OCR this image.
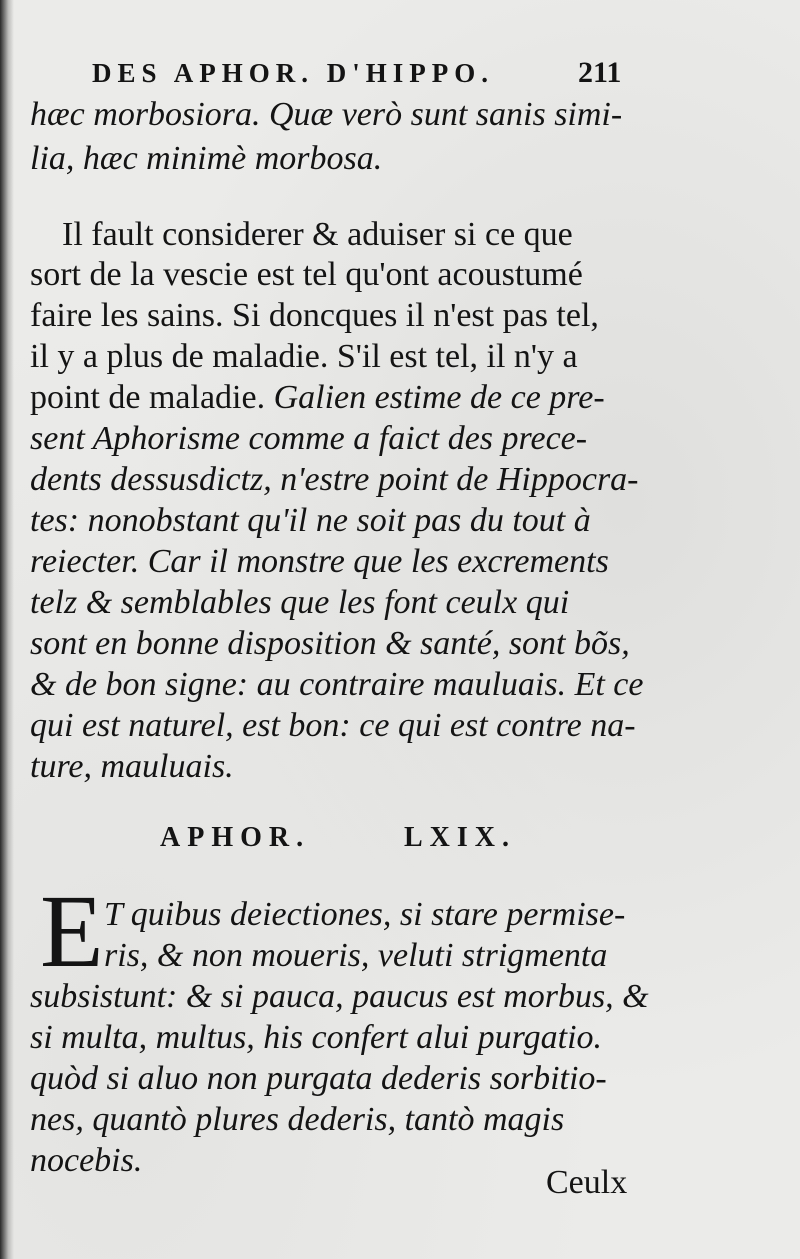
DES APHOR. D'HIPPO.	211
hæc morbosiora. Quæ verò sunt sanis simi-
lia, hæc minimè morbosa.
Il fault considerer & aduiser si ce que
sort de la vescie est tel qu'ont acoustumé
faire les sains. Si doncques il n'est pas tel,
il y a plus de maladie. S'il est tel, il n'y a
point de maladie. Galien estime de ce pre-
sent Aphorisme comme a faict des prece-
dents dessusdictz, n'estre point de Hippocra-
tes: nonobstant qu'il ne soit pas du tout à
reiecter. Car il monstre que les excrements
telz & semblables que les font ceulx qui
sont en bonne disposition & santé, sont bõs,
& de bon signe: au contraire mauluais. Et ce
qui est naturel, est bon: ce qui est contre na-
ture, mauluais.
APHOR.	LXIX.
E T quibus deiectiones, si stare permise-
ris, & non moueris, veluti strigmenta
subsistunt: & si pauca, paucus est morbus, &
si multa, multus, his confert alui purgatio.
quòd si aluo non purgata dederis sorbitio-
nes, quantò plures dederis, tantò magis
nocebis.
Ceulx
